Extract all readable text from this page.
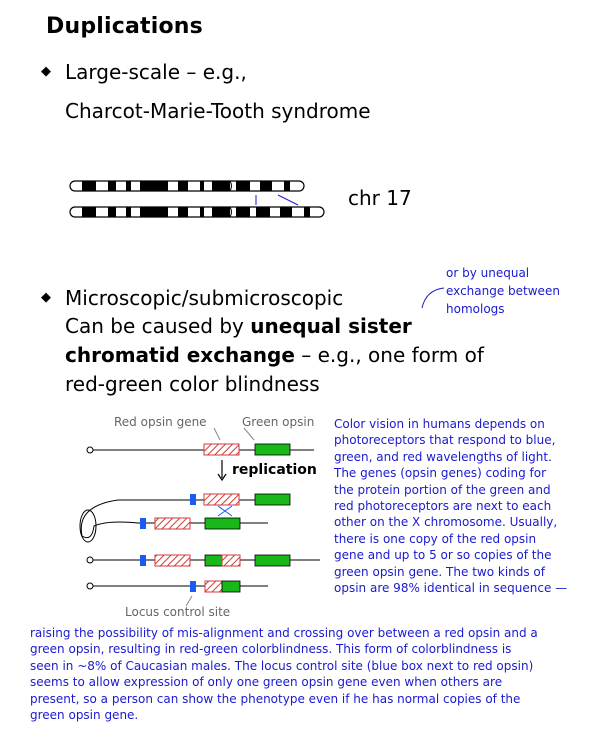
Duplications
◆ Large-scale – e.g.,
Charcot-Marie-Tooth syndrome
chr 17
or by unequal
exchange between
homologs
◆ Microscopic/submicroscopic
Can be caused by unequal sister
chromatid exchange – e.g., one form of
red-green color blindness
Red opsin gene	Green opsin
replication
Locus control site
Color vision in humans depends on
photoreceptors that respond to blue,
green, and red wavelengths of light.
The genes (opsin genes) coding for
the protein portion of the green and
red photoreceptors are next to each
other on the X chromosome. Usually,
there is one copy of the red opsin
gene and up to 5 or so copies of the
green opsin gene. The two kinds of
opsin are 98% identical in sequence —
raising the possibility of mis-alignment and crossing over between a red opsin and a
green opsin, resulting in red-green colorblindness. This form of colorblindness is
seen in ~8% of Caucasian males. The locus control site (blue box next to red opsin)
seems to allow expression of only one green opsin gene even when others are
present, so a person can show the phenotype even if he has normal copies of the
green opsin gene.
